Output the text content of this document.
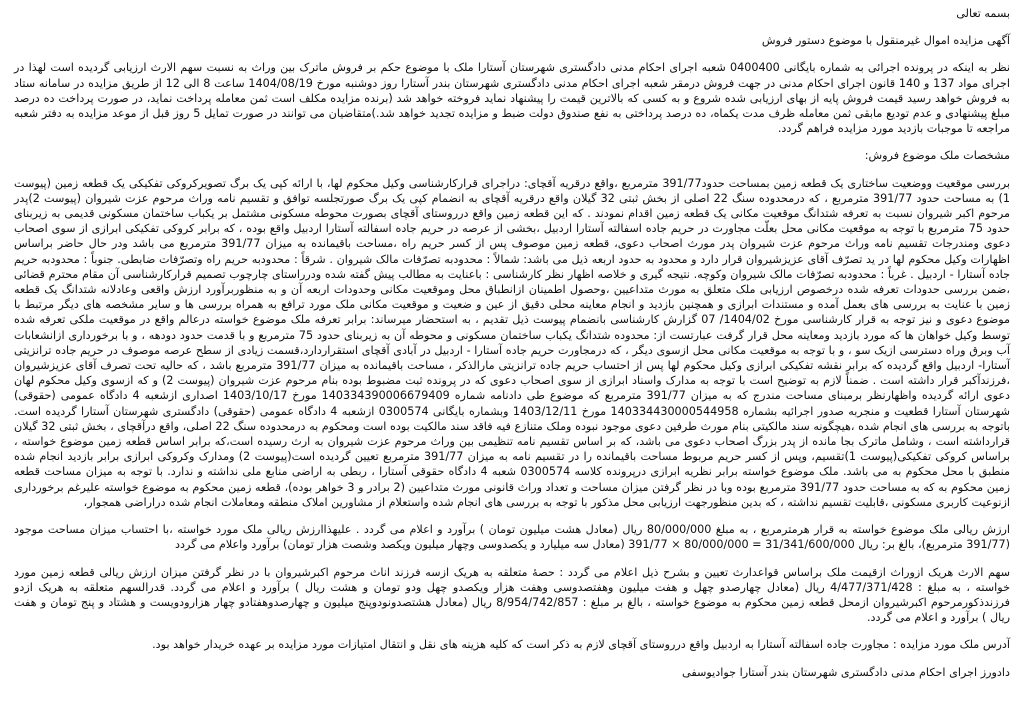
بسمه تعالی

آگهی مزایده اموال غیرمنقول با موضوع دستور فروش

نظر به اینکه در پرونده اجرائی به شماره بایگانی 0400400 شعبه اجرای احکام مدنی دادگستری شهرستان آستارا ملک با موضوع حکم بر فروش ماترک بین وراث به نسبت سهم الارث ارزیابی گردیده است لهذا در اجرای مواد 137 و 140 قانون اجرای احکام مدنی در جهت فروش درمقر شعبه اجرای احکام مدنی دادگستری شهرستان بندر آستارا روز دوشنبه مورخ 1404/08/19 ساعت 8 الی 12 از طریق مزایده در سامانه ستاد به فروش خواهد رسید قیمت فروش پایه از بهای ارزیابی شده شروع و به کسی که بالاترین قیمت را پیشنهاد نماید فروخته خواهد شد (برنده مزایده مکلف است ثمن معامله پرداخت نماید، در صورت پرداخت ده درصد مبلغ پیشنهادی و عدم تودیع مابقی ثمن معامله ظرف مدت یکماه، ده درصد پرداختی به نفع صندوق دولت ضبط و مزایده تجدید خواهد شد.)متقاضیان می توانند در صورت تمایل 5 روز قبل از موعد مزایده به دفتر شعبه مراجعه تا موجبات بازدید مورد مزایده فراهم گردد.

مشخصات ملک موضوع فروش:

بررسی موقعیت ووضعیت ساختاری یک قطعه زمین بمساحت حدود391/77 مترمربع ،واقع درقریه آقچای: دراجرای قرارکارشناسی وکیل محکوم لها، با ارائه کپی یک برگ تصویرکروکی تفکیکی یک قطعه زمین (پیوست 1) به مساحت حدود 391/77 مترمربع ، که درمحدوده سنگ 22 اصلی از بخش ثبتی 32 گیلان واقع درقریه آقچای به انضمام کپی یک برگ صورتجلسه توافق و تقسیم نامه وراث مرحوم عزت شیروان (پیوست 2)پدر مرحوم اکبر شیروان نسبت به تعرفه شتدانگ موقعیت مکانی یک قطعه زمین اقدام نمودند . که این قطعه زمین واقع درروستای آقچای بصورت محوطه مسکونی مشتمل بر یکباب ساختمان مسکونی قدیمی به زیربنای حدود 75 مترمربع با توجه به موقعیت مکانی محل بعلّت مجاورت در حریم جاده اسفالته آستارا اردبیل ،بخشی از عرصه در حریم جاده اسفالته آستارا اردبیل واقع بوده ، که برابر کروکی تفکیکی ابرازی از سوی اصحاب دعوی ومندرجات تقسیم نامه وراث مرحوم عزت شیروان پدر مورث اصحاب دعوی، قطعه زمین موصوف پس از کسر حریم راه ،مساحت باقیمانده به میزان 391/77 مترمربع می باشد ودر حال حاضر براساس اظهارات وکیل محکوم لها در ید تصرّف آقای عزیزشیروان قرار دارد و محدود به حدود اربعه ذیل می باشد: شمالاً : محدودبه تصرّفات مالک شیروان . شرقاً : محدودبه حریم راه وتصرّفات ضابطی. جنوباً : محدودبه حریم جاده آستارا - اردبیل . غرباً : محدودبه تصرّفات مالک شیروان وکوچه. نتیجه گیری و خلاصه اظهار نظر کارشناسی : باعنایت به مطالب پیش گفته شده ودرراستای چارچوب تصمیم قرارکارشناسی آن مقام محترم قضائی ،ضمن بررسی حدودات تعرفه شده درخصوص ارزیابی ملک متعلق به مورث متداعیین ،وحصول اطمینان ازانطباق محل وموقعیت مکانی وحدودات اربعه آن و به منظوربرآورد ارزش واقعی وعادلانه شتدانگ یک قطعه زمین با عنایت به بررسی های بعمل آمده و مستندات ابرازی و همچنین بازدید و انجام معاینه محلی دقیق از عین و ضعیت و موقعیت مکانی ملک مورد ترافع به همراه بررسی ها و سایر مشخصه های دیگر مرتبط با موضوع دعوی و نیز توجه به قرار کارشناسی مورخ 1404/02/ 07 گزارش کارشناسی بانضمام پیوست ذیل تقدیم ، به استحضار میرساند: برابر تعرفه ملک موضوع خواسته درعالم واقع در موقعیت ملکی تعرفه شده توسط وکیل خواهان ها که مورد بازدید ومعاینه محل قرار گرفت عبارتست از: محدوده شتدانگ یکباب ساختمان مسکونی و محوطه آن به زیربنای حدود 75 مترمربع و با قدمت حدود دودهه ، و با برخورداری ازانشعابات آب وبرق وراه دسترسی ازیک سو ، و با توجه به موقعیت مکانی محل ازسوی دیگر ، که درمجاورت حریم جاده آستارا - اردبیل در آبادی آقچای استقراردارد،قسمت زیادی از سطح عرصه موصوف در حریم جاده ترانزیتی آستارا- اردبیل واقع گردیده که برابر نقشه تفکیکی ابرازی وکیل محکوم لها پس از احتساب حریم جاده ترانزیتی مارالذکر ، مساحت باقیمانده به میزان 391/77 مترمربع باشد ، که حالیه تحت تصرف آقای عزیزشیروان ،فرزندآکبر قرار داشته است . ضمناً لازم به توضیح است با توجه به مدارک واسناد ابرازی از سوی اصحاب دعوی که در پرونده ثبت مضبوط بوده بنام مرحوم عزت شیروان (پیوست 2) و که ازسوی وکیل محکوم لهان دعوی ارائه گردیده واظهارنظر برمبنای مساحت مندرج که به میزان 391/77 مترمربع که موضوع طی دادنامه شماره 140334390006679409 مورخ 1403/10/17 اصداری ازشعبه 4 دادگاه عمومی (حقوقی) شهرستان آستارا قطعیت و منجربه صدور اجرائیه بشماره 140334430000544958 مورخ 1403/12/11 وبشماره بایگانی 0300574 ازشعبه 4 دادگاه عمومی (حقوقی) دادگستری شهرستان آستارا گردیده است. باتوجه به بررسی های انجام شده ،هیچگونه سند مالکیتی بنام مورث طرفین دعوی موجود نبوده وملک متنازع فیه فاقد سند مالکیت بوده است ومحکوم به درمحدوده سنگ 22 اصلی، واقع درآقچای ، بخش ثبتی 32 گیلان قرارداشته است ، وشامل ماترک بجا مانده از پدر بزرگ اصحاب دعوی می باشد، که بر اساس تقسیم نامه تنظیمی بین وراث مرحوم عزت شیروان به ارث رسیده است،که برابر اساس قطعه زمین موضوع خواسته ، براساس کروکی تفکیکی(پیوست 1)تقسیم، وپس از کسر حریم مربوط مساحت باقیمانده را در تقسیم نامه به میزان 391/77 مترمربع تعیین گردیده است(پیوست 2) ومدارک وکروکی ابرازی برابر بازدید انجام شده منطبق با محل محکوم به می باشد. ملک موضوع خواسته برابر نظریه ابرازی درپرونده کلاسه 0300574 شعبه 4 دادگاه حقوقی آستارا ، ربطی به اراضی منابع ملی نداشته و ندارد. با توجه به میزان مساحت قطعه زمین محکوم به که به مساحت حدود 391/77 مترمربع بوده وبا در نظر گرفتن میزان مساحت و تعداد وراث قانونی مورث متداعیین (2 برادر و 3 خواهر بوده)، قطعه زمین محکوم به موضوع خواسته علیرغم برخورداری ازنوعیت کاربری مسکونی ،قابلیت تقسیم نداشته ، که بدین منظورجهت ارزیابی محل مذکور با توجه به بررسی های انجام شده واستعلام از مشاورین املاک منطقه ومعاملات انجام شده دراراضی همجوار،

ارزش ریالی ملک موضوع خواسته به قرار هرمترمربع ، به مبلغ 80/000/000 ریال (معادل هشت میلیون تومان ) برآورد و اعلام می گردد . علیهذاارزش ریالی ملک مورد خواسته ،با احتساب میزان مساحت موجود (391/77 مترمربع)، بالغ بر: ریال 31/341/600/000 = 80/000/000 × 391/77 (معادل سه میلیارد و یکصدوسی وچهار میلیون ویکصد وشصت هزار تومان) برآورد واعلام می گردد

سهم الارث هریک ازوراث ازقیمت ملک براساس قواعدارث تعیین و بشرح ذیل اعلام می گردد : حصهٔ متعلقه به هریک ازسه فرزند اناث مرحوم اکبرشیروان با در نظر گرفتن میزان ارزش ریالی قطعه زمین مورد خواسته ، به مبلغ : 4/477/371/428 ریال (معادل چهارصدو چهل و هفت میلیون وهفتصدوسی وهفت هزار ویکصدو چهل ودو تومان و هشت ریال ) برآورد و اعلام می گردد. قدرالسهم متعلقه به هریک ازدو فرزندذکورمرحوم اکبرشیروان ازمحل قطعه زمین محکوم به موضوع خواسته ، بالغ بر مبلغ : 8/954/742/857 ریال (معادل هشتصدونودوپنج میلیون و چهارصدوهفتادو چهار هزارودویست و هشتاد و پنج تومان و هفت ریال ) برآورد و اعلام می گردد.

آدرس ملک مورد مزایده : مجاورت جاده اسفالته آستارا به اردبیل واقع درروستای آقچای لازم به ذکر است که کلیه هزینه های نقل و انتقال امتیازات مورد مزایده بر عهده خریدار خواهد بود.

دادورز اجرای احکام مدنی دادگستری شهرستان بندر آستارا جوادیوسفی
